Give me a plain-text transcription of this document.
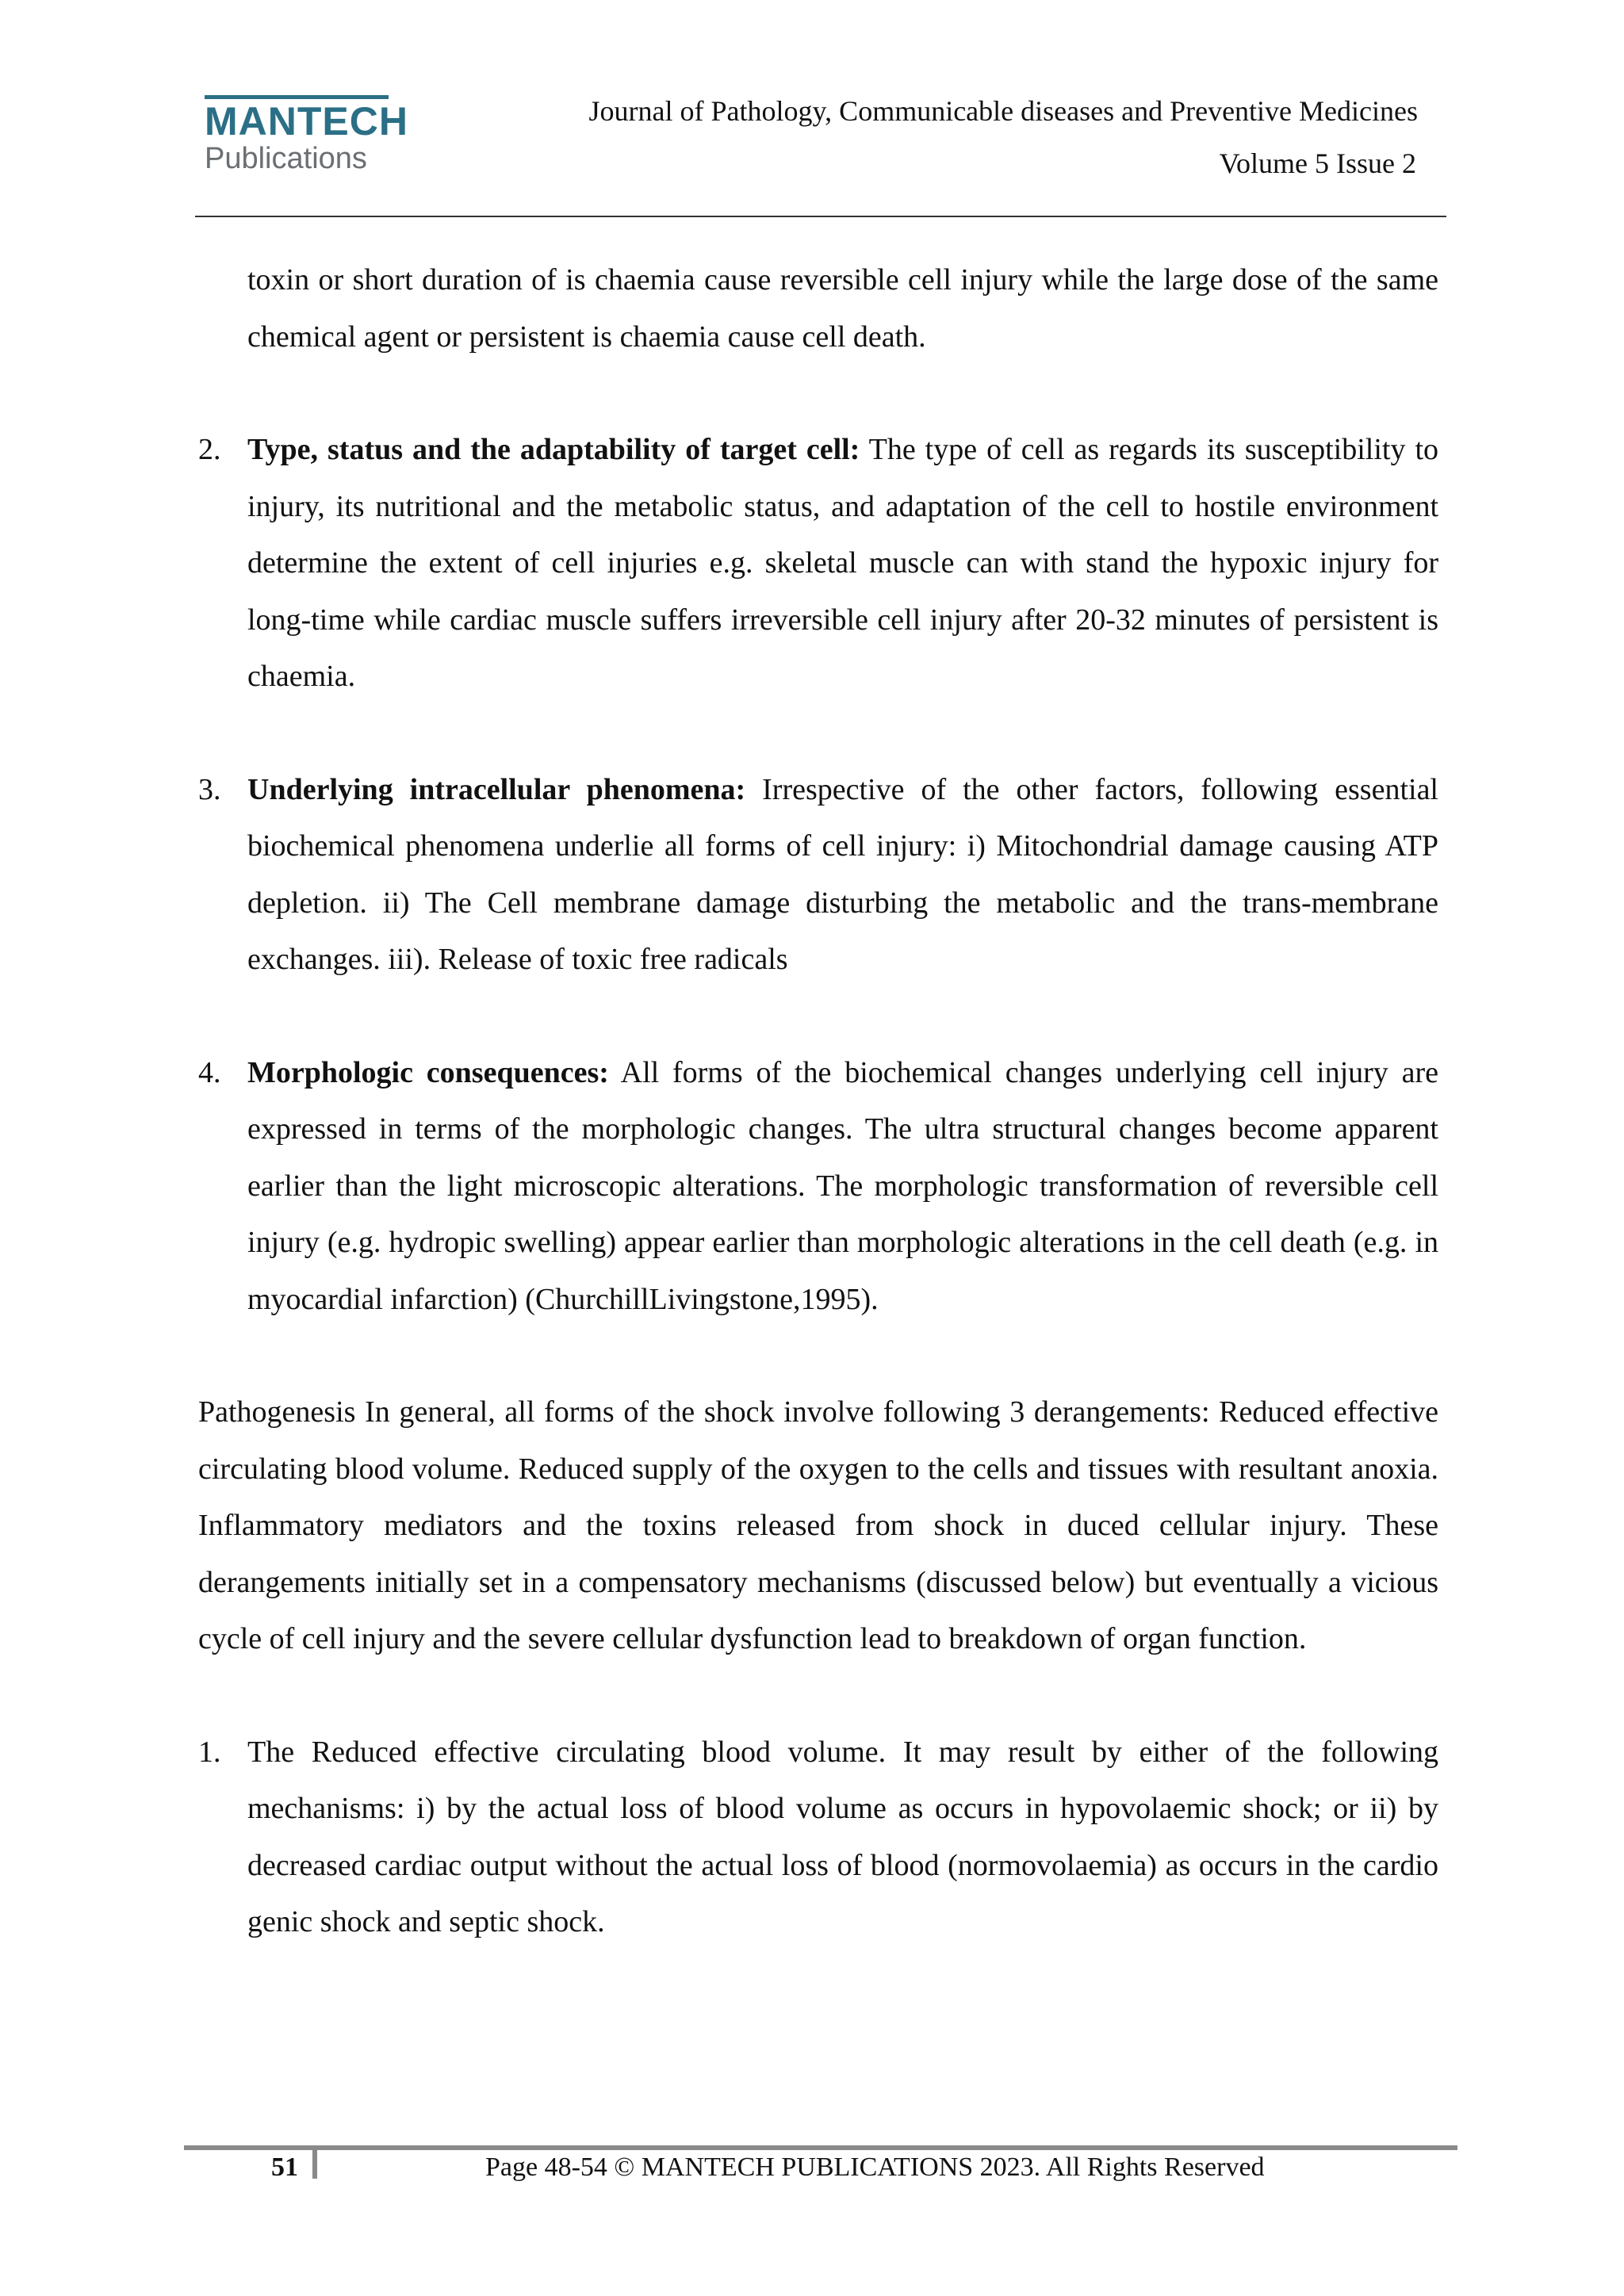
MANTECH
Publications
Journal of Pathology, Communicable diseases and Preventive Medicines
Volume 5 Issue 2

toxin or short duration of is chaemia cause reversible cell injury while the large dose of the same chemical agent or persistent is chaemia cause cell death.

2. Type, status and the adaptability of target cell: The type of cell as regards its susceptibility to injury, its nutritional and the metabolic status, and adaptation of the cell to hostile environment determine the extent of cell injuries e.g. skeletal muscle can with stand the hypoxic injury for long-time while cardiac muscle suffers irreversible cell injury after 20-32 minutes of persistent is chaemia.

3. Underlying intracellular phenomena: Irrespective of the other factors, following essential biochemical phenomena underlie all forms of cell injury: i) Mitochondrial damage causing ATP depletion. ii) The Cell membrane damage disturbing the metabolic and the trans-membrane exchanges. iii). Release of toxic free radicals

4. Morphologic consequences: All forms of the biochemical changes underlying cell injury are expressed in terms of the morphologic changes. The ultra structural changes become apparent earlier than the light microscopic alterations. The morphologic transformation of reversible cell injury (e.g. hydropic swelling) appear earlier than morphologic alterations in the cell death (e.g. in myocardial infarction) (ChurchillLivingstone,1995).

Pathogenesis In general, all forms of the shock involve following 3 derangements: Reduced effective circulating blood volume. Reduced supply of the oxygen to the cells and tissues with resultant anoxia. Inflammatory mediators and the toxins released from shock in duced cellular injury. These derangements initially set in a compensatory mechanisms (discussed below) but eventually a vicious cycle of cell injury and the severe cellular dysfunction lead to breakdown of organ function.

1. The Reduced effective circulating blood volume. It may result by either of the following mechanisms: i) by the actual loss of blood volume as occurs in hypovolaemic shock; or ii) by decreased cardiac output without the actual loss of blood (normovolaemia) as occurs in the cardio genic shock and septic shock.

51	Page 48-54 © MANTECH PUBLICATIONS 2023. All Rights Reserved
